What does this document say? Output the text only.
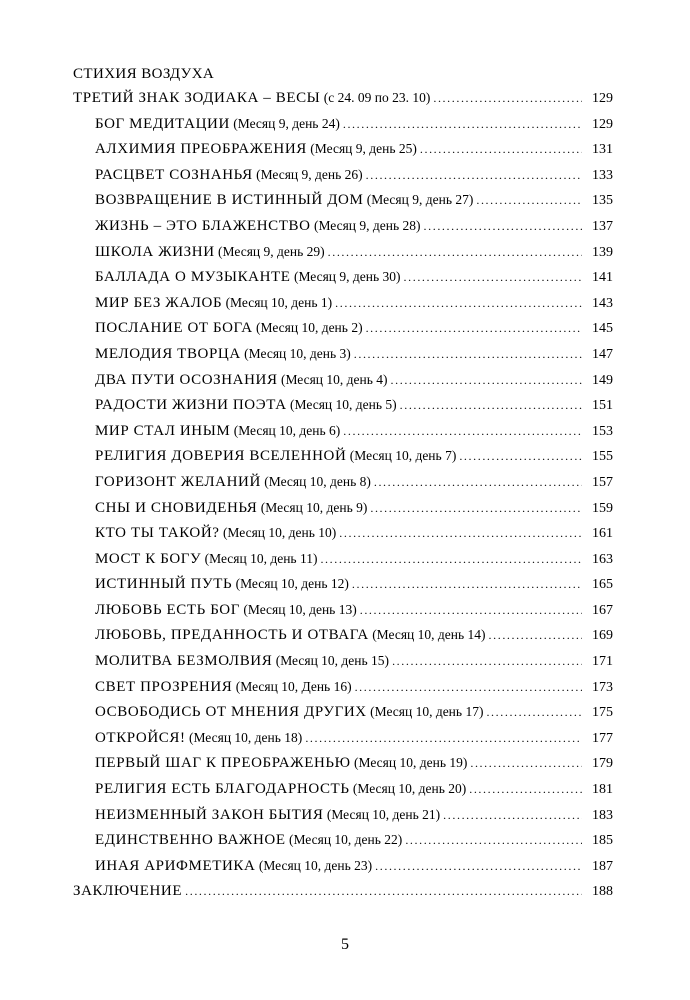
СТИХИЯ ВОЗДУХА
ТРЕТИЙ ЗНАК ЗОДИАКА – ВЕСЫ (с 24. 09 по 23. 10) .....	129
БОГ МЕДИТАЦИИ (Месяц 9, день 24) .....	129
АЛХИМИЯ ПРЕОБРАЖЕНИЯ (Месяц 9, день 25) .....	131
РАСЦВЕТ СОЗНАНЬЯ (Месяц 9, день 26) .....	133
ВОЗВРАЩЕНИЕ В ИСТИННЫЙ ДОМ (Месяц 9, день 27) .....	135
ЖИЗНЬ – ЭТО БЛАЖЕНСТВО (Месяц 9, день 28) .....	137
ШКОЛА ЖИЗНИ (Месяц 9, день 29) .....	139
БАЛЛАДА О МУЗЫКАНТЕ (Месяц 9, день 30) .....	141
МИР БЕЗ ЖАЛОБ (Месяц 10, день 1) .....	143
ПОСЛАНИЕ ОТ БОГА (Месяц 10, день 2) .....	145
МЕЛОДИЯ ТВОРЦА (Месяц 10, день 3) .....	147
ДВА ПУТИ ОСОЗНАНИЯ (Месяц 10, день 4) .....	149
РАДОСТИ ЖИЗНИ ПОЭТА (Месяц 10, день 5) .....	151
МИР СТАЛ ИНЫМ (Месяц 10, день 6) .....	153
РЕЛИГИЯ ДОВЕРИЯ ВСЕЛЕННОЙ (Месяц 10, день 7) .....	155
ГОРИЗОНТ ЖЕЛАНИЙ (Месяц 10, день 8) .....	157
СНЫ И СНОВИДЕНЬЯ (Месяц 10, день 9) .....	159
КТО ТЫ ТАКОЙ? (Месяц 10, день 10) .....	161
МОСТ К БОГУ (Месяц 10, день 11) .....	163
ИСТИННЫЙ ПУТЬ (Месяц 10, день 12) .....	165
ЛЮБОВЬ ЕСТЬ БОГ (Месяц 10, день 13) .....	167
ЛЮБОВЬ, ПРЕДАННОСТЬ И ОТВАГА (Месяц 10, день 14) .....	169
МОЛИТВА БЕЗМОЛВИЯ (Месяц 10, день 15) .....	171
СВЕТ ПРОЗРЕНИЯ (Месяц 10, День 16) .....	173
ОСВОБОДИСЬ ОТ МНЕНИЯ ДРУГИХ (Месяц 10, день 17) .....	175
ОТКРОЙСЯ! (Месяц 10, день 18) .....	177
ПЕРВЫЙ ШАГ К ПРЕОБРАЖЕНЬЮ (Месяц 10, день 19) .....	179
РЕЛИГИЯ ЕСТЬ БЛАГОДАРНОСТЬ (Месяц 10, день 20) .....	181
НЕИЗМЕННЫЙ ЗАКОН БЫТИЯ (Месяц 10, день 21) .....	183
ЕДИНСТВЕННО ВАЖНОЕ (Месяц 10, день 22) .....	185
ИНАЯ АРИФМЕТИКА (Месяц 10, день 23) .....	187
ЗАКЛЮЧЕНИЕ .....	188
5
